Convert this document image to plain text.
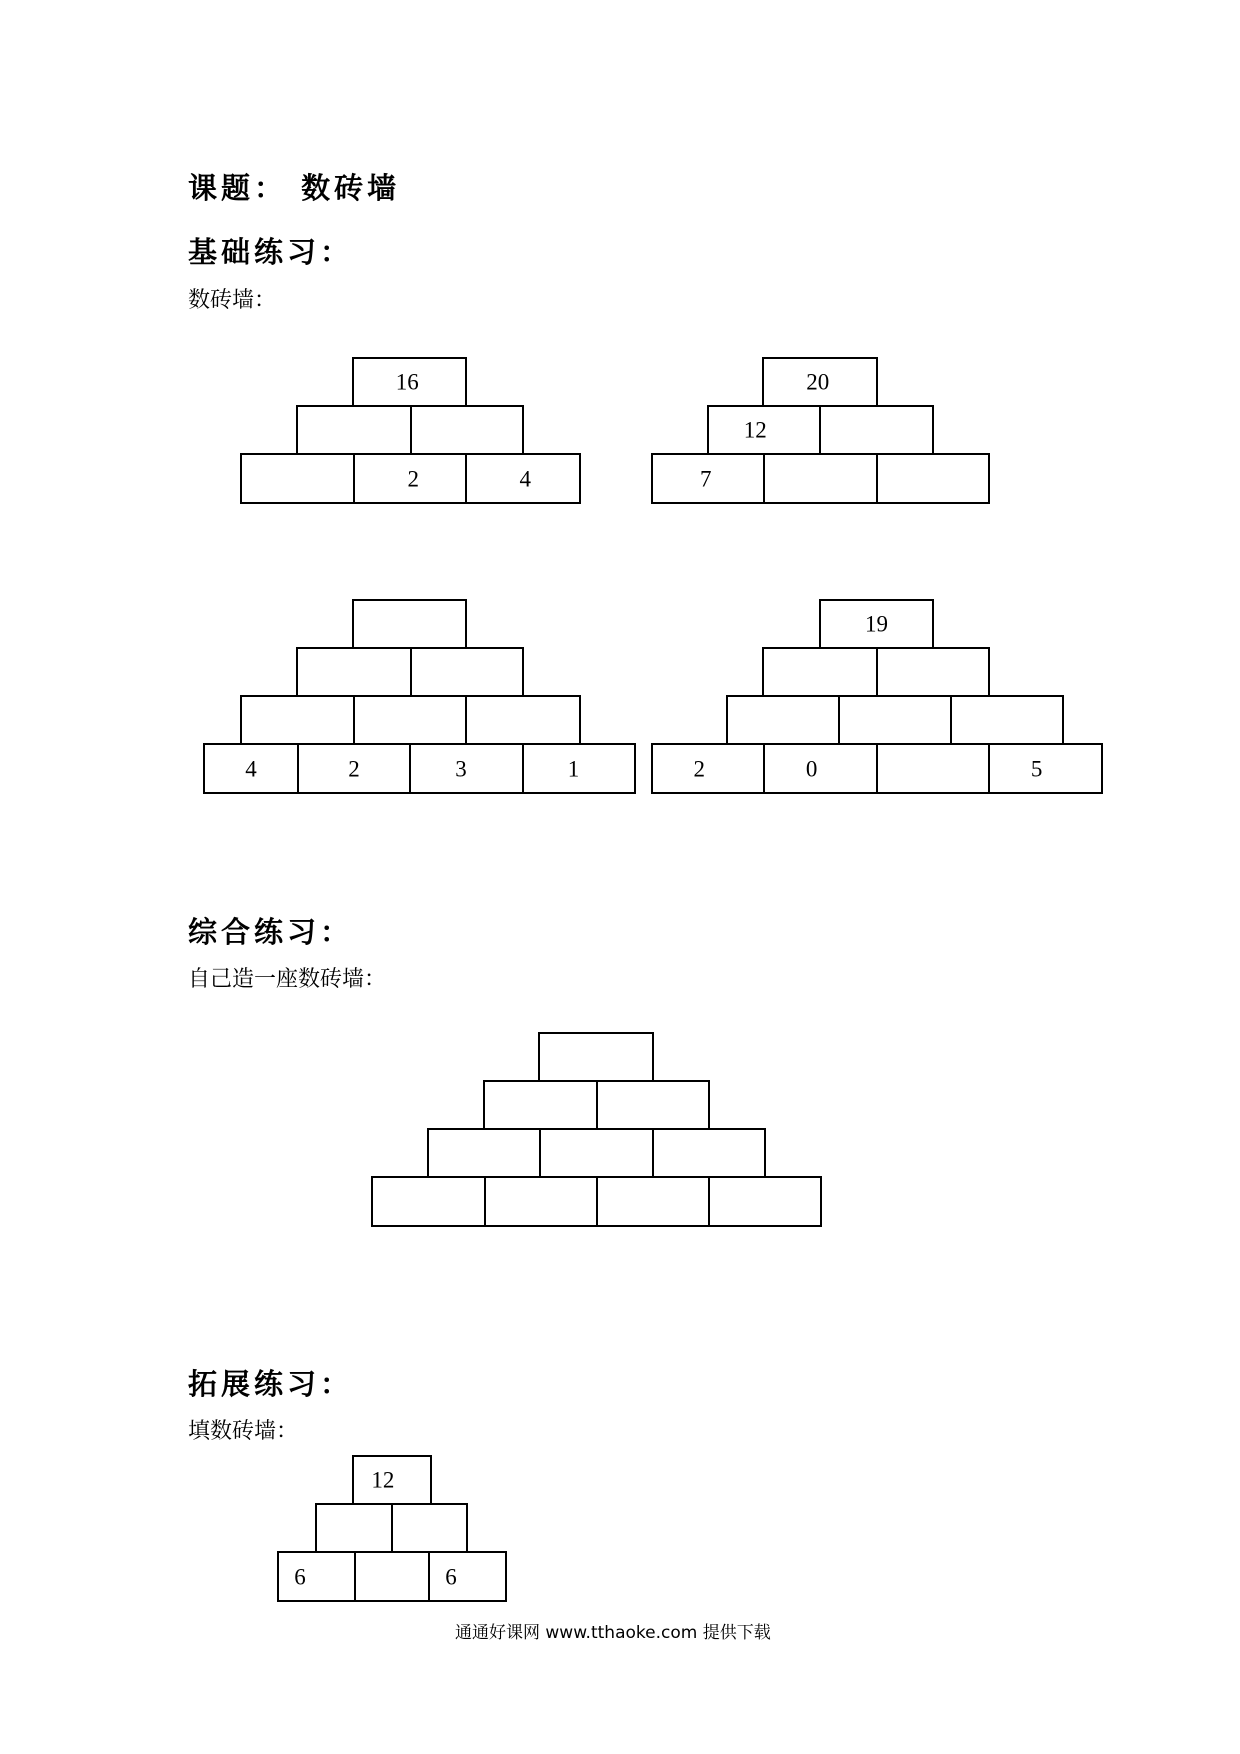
课题： 数砖墙
基础练习：
数砖墙：
16
2	4
20
12
7
4	2	3	1
19
2	0	5
综合练习：
自己造一座数砖墙：
拓展练习：
填数砖墙：
12
6	6
通通好课网 www.tthaoke.com 提供下载
